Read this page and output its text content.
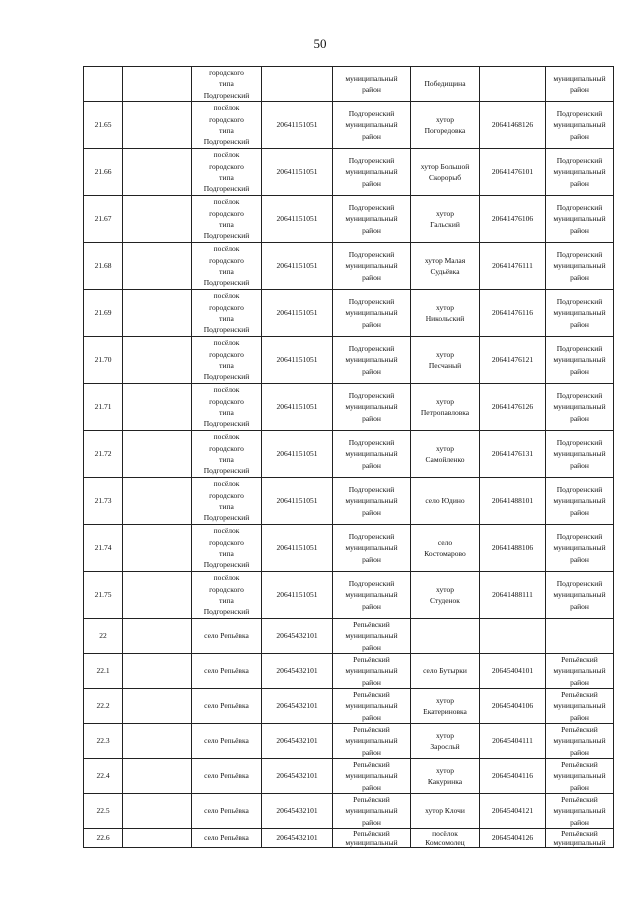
50
		городского
типа
Подгоренский		муниципальный
район	Победищина		муниципальный
район
21.65		посёлок
городского
типа
Подгоренский	20641151051	Подгоренский
муниципальный
район	хутор
Погоредовка	20641468126	Подгоренский
муниципальный
район
21.66		посёлок
городского
типа
Подгоренский	20641151051	Подгоренский
муниципальный
район	хутор Большой
Скорорыб	20641476101	Подгоренский
муниципальный
район
21.67		посёлок
городского
типа
Подгоренский	20641151051	Подгоренский
муниципальный
район	хутор
Гальский	20641476106	Подгоренский
муниципальный
район
21.68		посёлок
городского
типа
Подгоренский	20641151051	Подгоренский
муниципальный
район	хутор Малая
Судьёвка	20641476111	Подгоренский
муниципальный
район
21.69		посёлок
городского
типа
Подгоренский	20641151051	Подгоренский
муниципальный
район	хутор
Никольский	20641476116	Подгоренский
муниципальный
район
21.70		посёлок
городского
типа
Подгоренский	20641151051	Подгоренский
муниципальный
район	хутор
Песчаный	20641476121	Подгоренский
муниципальный
район
21.71		посёлок
городского
типа
Подгоренский	20641151051	Подгоренский
муниципальный
район	хутор
Петропавловка	20641476126	Подгоренский
муниципальный
район
21.72		посёлок
городского
типа
Подгоренский	20641151051	Подгоренский
муниципальный
район	хутор
Самойленко	20641476131	Подгоренский
муниципальный
район
21.73		посёлок
городского
типа
Подгоренский	20641151051	Подгоренский
муниципальный
район	село Юдино	20641488101	Подгоренский
муниципальный
район
21.74		посёлок
городского
типа
Подгоренский	20641151051	Подгоренский
муниципальный
район	село
Костомарово	20641488106	Подгоренский
муниципальный
район
21.75		посёлок
городского
типа
Подгоренский	20641151051	Подгоренский
муниципальный
район	хутор
Студенок	20641488111	Подгоренский
муниципальный
район
22		село Репьёвка	20645432101	Репьёвский
муниципальный
район			
22.1		село Репьёвка	20645432101	Репьёвский
муниципальный
район	село Бутырки	20645404101	Репьёвский
муниципальный
район
22.2		село Репьёвка	20645432101	Репьёвский
муниципальный
район	хутор
Екатериновка	20645404106	Репьёвский
муниципальный
район
22.3		село Репьёвка	20645432101	Репьёвский
муниципальный
район	хутор
Заросльй	20645404111	Репьёвский
муниципальный
район
22.4		село Репьёвка	20645432101	Репьёвский
муниципальный
район	хутор
Какуринка	20645404116	Репьёвский
муниципальный
район
22.5		село Репьёвка	20645432101	Репьёвский
муниципальный
район	хутор Клочи	20645404121	Репьёвский
муниципальный
район
22.6		село Репьёвка	20645432101	Репьёвский
муниципальный	посёлок
Комсомолец	20645404126	Репьёвский
муниципальный
